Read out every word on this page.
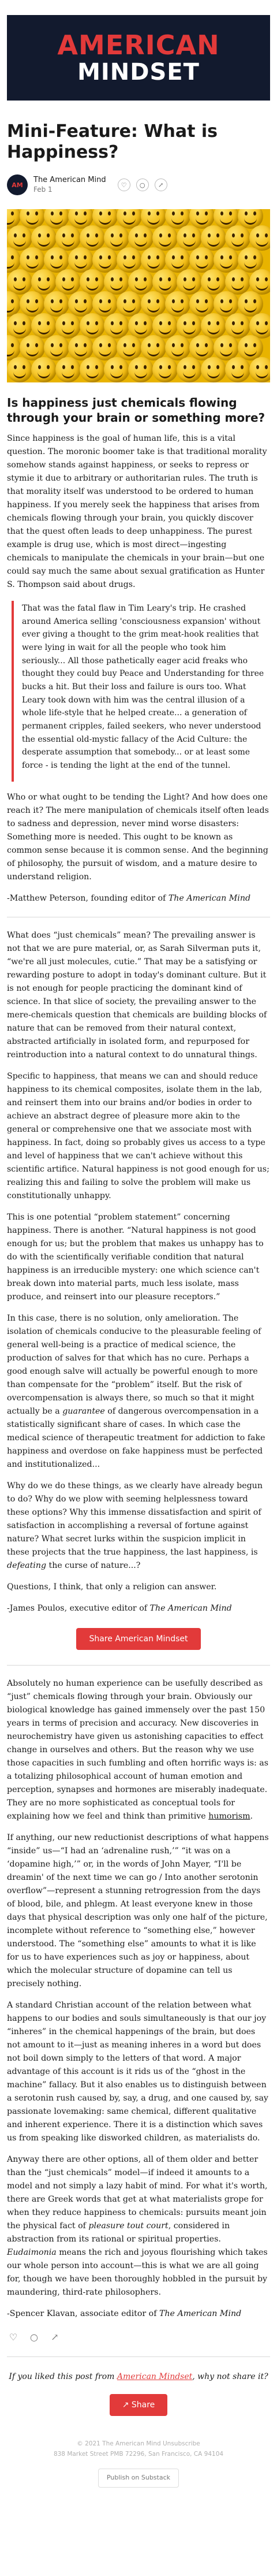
AMERICAN
MINDSET
Mini-Feature: What is Happiness?
AM
The American Mind
Feb 1
♡	○	↗
Is happiness just chemicals flowing through your brain or something more?

Since happiness is the goal of human life, this is a vital question. The moronic boomer take is that traditional morality somehow stands against happiness, or seeks to repress or stymie it due to arbitrary or authoritarian rules. The truth is that morality itself was understood to be ordered to human happiness. If you merely seek the happiness that arises from chemicals flowing through your brain, you quickly discover that the quest often leads to deep unhappiness. The purest example is drug use, which is most direct—ingesting chemicals to manipulate the chemicals in your brain—but one could say much the same about sexual gratification as Hunter S. Thompson said about drugs.

That was the fatal flaw in Tim Leary's trip. He crashed around America selling 'consciousness expansion' without ever giving a thought to the grim meat-hook realities that were lying in wait for all the people who took him seriously... All those pathetically eager acid freaks who thought they could buy Peace and Understanding for three bucks a hit. But their loss and failure is ours too. What Leary took down with him was the central illusion of a whole life-style that he helped create... a generation of permanent cripples, failed seekers, who never understood the essential old-mystic fallacy of the Acid Culture: the desperate assumption that somebody... or at least some force - is tending the light at the end of the tunnel.

Who or what ought to be tending the Light? And how does one reach it? The mere manipulation of chemicals itself often leads to sadness and depression, never mind worse disasters: Something more is needed. This ought to be known as common sense because it is common sense. And the beginning of philosophy, the pursuit of wisdom, and a mature desire to understand religion.

-Matthew Peterson, founding editor of The American Mind

What does “just chemicals” mean? The prevailing answer is not that we are pure material, or, as Sarah Silverman puts it, “we're all just molecules, cutie.” That may be a satisfying or rewarding posture to adopt in today's dominant culture. But it is not enough for people practicing the dominant kind of science. In that slice of society, the prevailing answer to the mere-chemicals question that chemicals are building blocks of nature that can be removed from their natural context, abstracted artificially in isolated form, and repurposed for reintroduction into a natural context to do unnatural things.

Specific to happiness, that means we can and should reduce happiness to its chemical composites, isolate them in the lab, and reinsert them into our brains and/or bodies in order to achieve an abstract degree of pleasure more akin to the general or comprehensive one that we associate most with happiness. In fact, doing so probably gives us access to a type and level of happiness that we can't achieve without this scientific artifice. Natural happiness is not good enough for us; realizing this and failing to solve the problem will make us constitutionally unhappy.

This is one potential “problem statement” concerning happiness. There is another. “Natural happiness is not good enough for us; but the problem that makes us unhappy has to do with the scientifically verifiable condition that natural happiness is an irreducible mystery: one which science can't break down into material parts, much less isolate, mass produce, and reinsert into our pleasure receptors.”

In this case, there is no solution, only amelioration. The isolation of chemicals conducive to the pleasurable feeling of general well-being is a practice of medical science, the production of salves for that which has no cure. Perhaps a good enough salve will actually be powerful enough to more than compensate for the “problem” itself. But the risk of overcompensation is always there, so much so that it might actually be a guarantee of dangerous overcompensation in a statistically significant share of cases. In which case the medical science of therapeutic treatment for addiction to fake happiness and overdose on fake happiness must be perfected and institutionalized...

Why do we do these things, as we clearly have already begun to do? Why do we plow with seeming helplessness toward these options? Why this immense dissatisfaction and spirit of satisfaction in accomplishing a reversal of fortune against nature? What secret lurks within the suspicion implicit in these projects that the true happiness, the last happiness, is defeating the curse of nature...?

Questions, I think, that only a religion can answer.

-James Poulos, executive editor of The American Mind

Share American Mindset

Absolutely no human experience can be usefully described as “just” chemicals flowing through your brain. Obviously our biological knowledge has gained immensely over the past 150 years in terms of precision and accuracy. New discoveries in neurochemistry have given us astonishing capacities to effect change in ourselves and others. But the reason why we use those capacities in such fumbling and often horrific ways is: as a totalizing philosophical account of human emotion and perception, synapses and hormones are miserably inadequate. They are no more sophisticated as conceptual tools for explaining how we feel and think than primitive humorism.

If anything, our new reductionist descriptions of what happens “inside” us—“I had an ‘adrenaline rush,’” “it was on a ‘dopamine high,’” or, in the words of John Mayer, “I'll be dreamin' of the next time we can go / Into another serotonin overflow”—represent a stunning retrogression from the days of blood, bile, and phlegm. At least everyone knew in those days that physical description was only one half of the picture, incomplete without reference to “something else,” however understood. The “something else” amounts to what it is like for us to have experiences such as joy or happiness, about which the molecular structure of dopamine can tell us precisely nothing.

A standard Christian account of the relation between what happens to our bodies and souls simultaneously is that our joy “inheres” in the chemical happenings of the brain, but does not amount to it—just as meaning inheres in a word but does not boil down simply to the letters of that word. A major advantage of this account is it rids us of the “ghost in the machine” fallacy. But it also enables us to distinguish between a serotonin rush caused by, say, a drug, and one caused by, say passionate lovemaking: same chemical, different qualitative and inherent experience. There it is a distinction which saves us from speaking like disworked children, as materialists do.

Anyway there are other options, all of them older and better than the “just chemicals” model—if indeed it amounts to a model and not simply a lazy habit of mind. For what it's worth, there are Greek words that get at what materialists grope for when they reduce happiness to chemicals: pursuits meant join the physical fact of pleasure tout court, considered in abstraction from its rational or spiritual properties. Eudaimonia means the rich and joyous flourishing which takes our whole person into account—this is what we are all going for, though we have been thoroughly hobbled in the pursuit by maundering, third-rate philosophers.

-Spencer Klavan, associate editor of The American Mind

♡ ○ ↗
If you liked this post from American Mindset, why not share it?
↗ Share
© 2021 The American Mind Unsubscribe
838 Market Street PMB 72296, San Francisco, CA 94104
Publish on Substack
